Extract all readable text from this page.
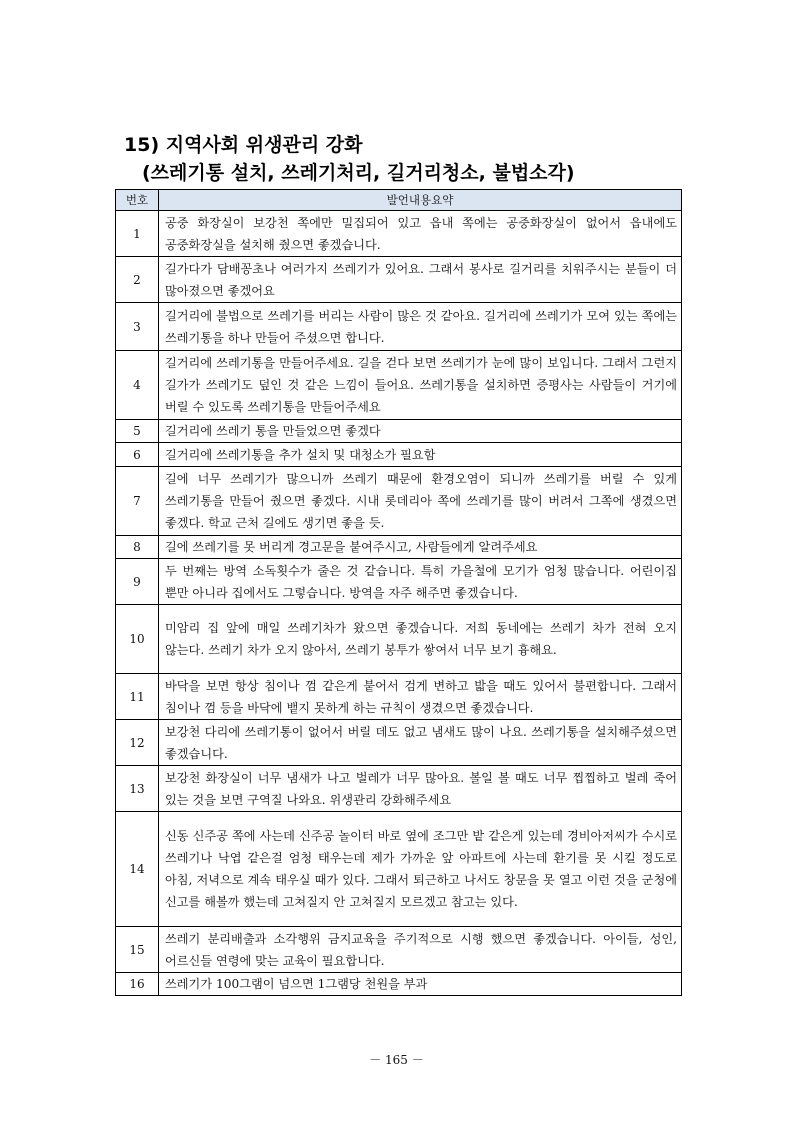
15) 지역사회 위생관리 강화
(쓰레기통 설치, 쓰레기처리, 길거리청소, 불법소각)
번호	발언내용요약
1	공중 화장실이 보강천 쪽에만 밀집되어 있고 읍내 쪽에는 공중화장실이 없어서 읍내에도 공중화장실을 설치해 줬으면 좋겠습니다.
2	길가다가 담배꽁초나 여러가지 쓰레기가 있어요. 그래서 봉사로 길거리를 치워주시는 분들이 더 많아졌으면 좋겠어요
3	길거리에 불법으로 쓰레기를 버리는 사람이 많은 것 같아요. 길거리에 쓰레기가 모여 있는 쪽에는 쓰레기통을 하나 만들어 주셨으면 합니다.
4	길거리에 쓰레기통을 만들어주세요. 길을 걷다 보면 쓰레기가 눈에 많이 보입니다. 그래서 그런지 길가가 쓰레기도 덮인 것 같은 느낌이 들어요. 쓰레기통을 설치하면 증평사는 사람들이 거기에 버릴 수 있도록 쓰레기통을 만들어주세요
5	길거리에 쓰레기 통을 만들었으면 좋겠다
6	길거리에 쓰레기통을 추가 설치 및 대청소가 필요함
7	길에 너무 쓰레기가 많으니까 쓰레기 때문에 환경오염이 되니까 쓰레기를 버릴 수 있게 쓰레기통을 만들어 줬으면 좋겠다. 시내 롯데리아 쪽에 쓰레기를 많이 버려서 그쪽에 생겼으면 좋겠다. 학교 근처 길에도 생기면 좋을 듯.
8	길에 쓰레기를 못 버리게 경고문을 붙여주시고, 사람들에게 알려주세요
9	두 번째는 방역 소독횟수가 줄은 것 같습니다. 특히 가을철에 모기가 엄청 많습니다. 어린이집 뿐만 아니라 집에서도 그렇습니다. 방역을 자주 해주면 좋겠습니다.
10	미암리 집 앞에 매일 쓰레기차가 왔으면 좋겠습니다. 저희 동네에는 쓰레기 차가 전혀 오지 않는다. 쓰레기 차가 오지 않아서, 쓰레기 봉투가 쌓여서 너무 보기 흉해요.
11	바닥을 보면 항상 침이나 껌 같은게 붙어서 검게 변하고 밟을 때도 있어서 불편합니다. 그래서 침이나 껌 등을 바닥에 뱉지 못하게 하는 규칙이 생겼으면 좋겠습니다.
12	보강천 다리에 쓰레기통이 없어서 버릴 데도 없고 냄새도 많이 나요. 쓰레기통을 설치해주셨으면 좋겠습니다.
13	보강천 화장실이 너무 냄새가 나고 벌레가 너무 많아요. 볼일 볼 때도 너무 찝찝하고 벌레 죽어 있는 것을 보면 구역질 나와요. 위생관리 강화해주세요
14	신동 신주공 쪽에 사는데 신주공 놀이터 바로 옆에 조그만 밭 같은게 있는데 경비아저씨가 수시로 쓰레기나 낙엽 같은걸 엄청 태우는데 제가 가까운 앞 아파트에 사는데 환기를 못 시킬 정도로 아침, 저녁으로 계속 태우실 때가 있다. 그래서 퇴근하고 나서도 창문을 못 열고 이런 것을 군청에 신고를 해볼까 했는데 고쳐질지 안 고쳐질지 모르겠고 참고는 있다.
15	쓰레기 분리배출과 소각행위 금지교육을 주기적으로 시행 했으면 좋겠습니다. 아이들, 성인, 어르신들 연령에 맞는 교육이 필요합니다.
16	쓰레기가 100그램이 넘으면 1그램당 천원을 부과
－ 165 －
